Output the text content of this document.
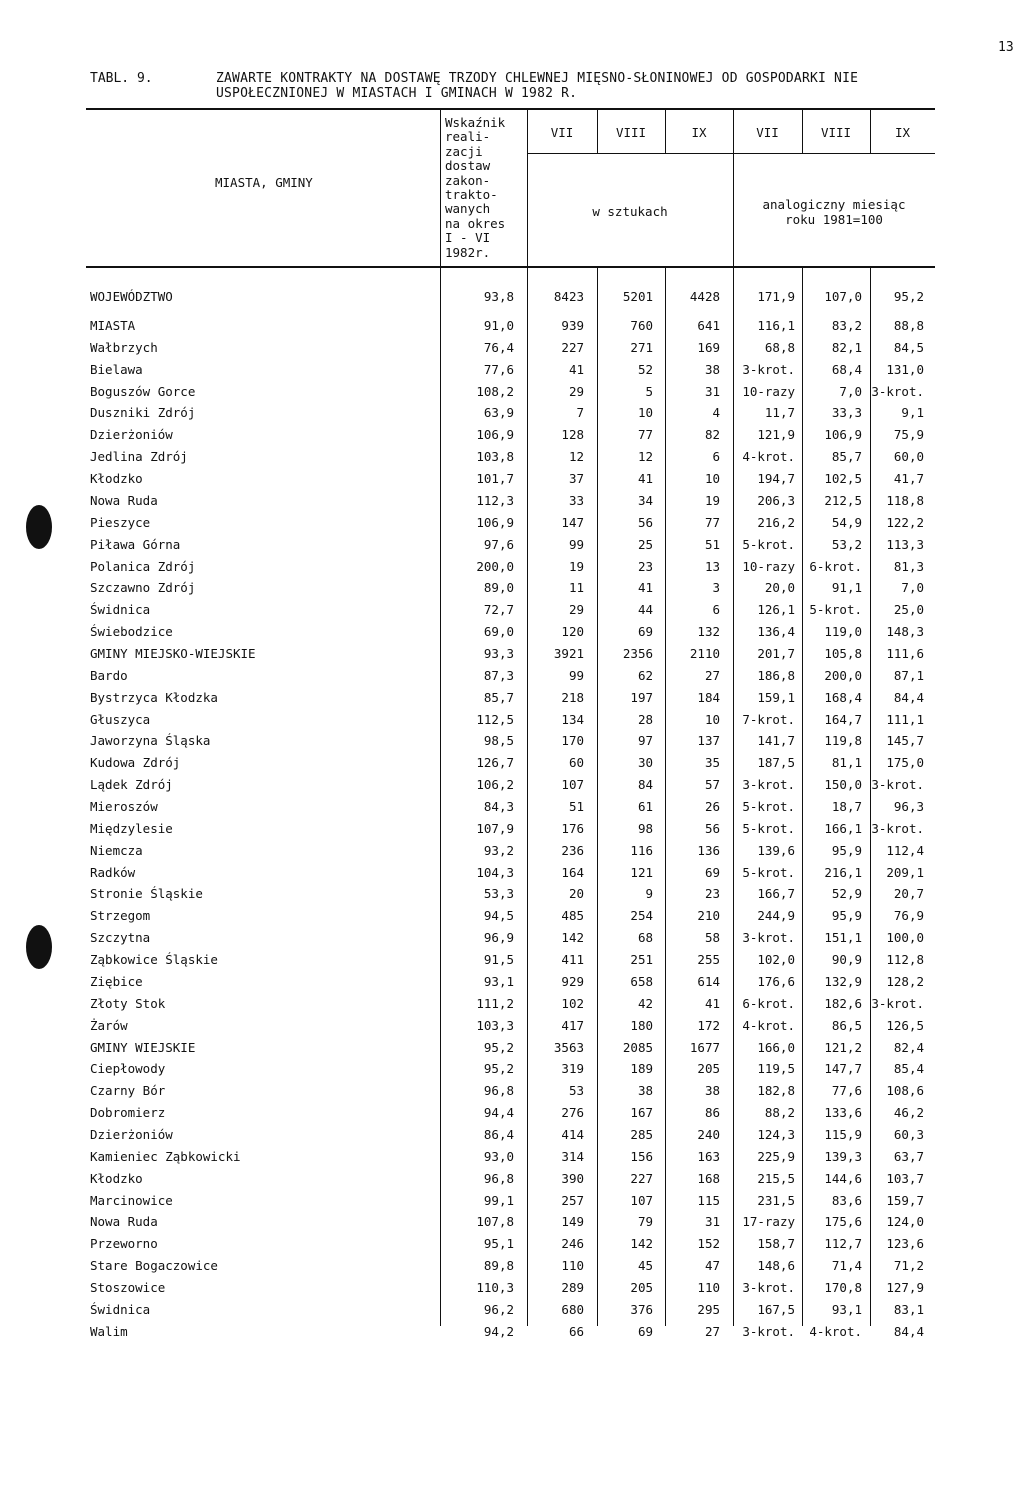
13
TABL. 9.	ZAWARTE KONTRAKTY NA DOSTAWĘ TRZODY CHLEWNEJ MIĘSNO-SŁONINOWEJ OD GOSPODARKI NIE
USPOŁECZNIONEJ W MIASTACH I GMINACH W 1982 R.
MIASTA, GMINY
Wskaźnik
reali-
zacji
dostaw
zakon-
trakto-
wanych
na okres
I - VI
1982r.
VII	VIII	IX	VII	VIII	IX
w sztukach	analogiczny miesiąc
roku 1981=100
WOJEWÓDZTWO	93,8	8423	5201	4428	171,9 107,0	95,2
MIASTA	91,0	939	760	641	116,1	83,2	88,8
Wałbrzych	76,4	227	271	169	68,8	82,1	84,5
Bielawa	77,6	41	52	38 3-krot.	68,4 131,0
Boguszów Gorce	108,2	29	5	31 10-razy	7,0 3-krot.
Duszniki Zdrój	63,9	7	10	4	11,7	33,3	9,1
Dzierżoniów	106,9	128	77	82	121,9 106,9	75,9
Jedlina Zdrój	103,8	12	12	6 4-krot.	85,7	60,0
Kłodzko	101,7	37	41	10	194,7 102,5	41,7
Nowa Ruda	112,3	33	34	19	206,3 212,5 118,8
Pieszyce	106,9	147	56	77	216,2	54,9 122,2
Piława Górna	97,6	99	25	51 5-krot.	53,2 113,3
Polanica Zdrój	200,0	19	23	13 10-razy 6-krot.	81,3
Szczawno Zdrój	89,0	11	41	3	20,0	91,1	7,0
Świdnica	72,7	29	44	6	126,1 5-krot.	25,0
Świebodzice	69,0	120	69	132	136,4 119,0 148,3
GMINY MIEJSKO-WIEJSKIE	93,3	3921	2356	2110	201,7 105,8 111,6
Bardo	87,3	99	62	27	186,8 200,0	87,1
Bystrzyca Kłodzka	85,7	218	197	184	159,1 168,4	84,4
Głuszyca	112,5	134	28	10 7-krot. 164,7 111,1
Jaworzyna Śląska	98,5	170	97	137	141,7 119,8 145,7
Kudowa Zdrój	126,7	60	30	35	187,5	81,1 175,0
Lądek Zdrój	106,2	107	84	57 3-krot. 150,0 3-krot.
Mieroszów	84,3	51	61	26 5-krot.	18,7	96,3
Międzylesie	107,9	176	98	56 5-krot. 166,1 3-krot.
Niemcza	93,2	236	116	136	139,6	95,9 112,4
Radków	104,3	164	121	69 5-krot. 216,1 209,1
Stronie Śląskie	53,3	20	9	23	166,7	52,9	20,7
Strzegom	94,5	485	254	210	244,9	95,9	76,9
Szczytna	96,9	142	68	58 3-krot. 151,1 100,0
Ząbkowice Śląskie	91,5	411	251	255	102,0	90,9 112,8
Ziębice	93,1	929	658	614	176,6 132,9 128,2
Złoty Stok	111,2	102	42	41 6-krot. 182,6 3-krot.
Żarów	103,3	417	180	172 4-krot.	86,5 126,5
GMINY WIEJSKIE	95,2	3563	2085	1677	166,0 121,2	82,4
Ciepłowody	95,2	319	189	205	119,5 147,7	85,4
Czarny Bór	96,8	53	38	38	182,8	77,6 108,6
Dobromierz	94,4	276	167	86	88,2 133,6	46,2
Dzierżoniów	86,4	414	285	240	124,3 115,9	60,3
Kamieniec Ząbkowicki	93,0	314	156	163	225,9 139,3	63,7
Kłodzko	96,8	390	227	168	215,5 144,6 103,7
Marcinowice	99,1	257	107	115	231,5	83,6 159,7
Nowa Ruda	107,8	149	79	31 17-razy 175,6 124,0
Przeworno	95,1	246	142	152	158,7 112,7 123,6
Stare Bogaczowice	89,8	110	45	47	148,6	71,4	71,2
Stoszowice	110,3	289	205	110 3-krot. 170,8 127,9
Świdnica	96,2	680	376	295	167,5	93,1	83,1
Walim	94,2	66	69	27 3-krot. 4-krot.	84,4
